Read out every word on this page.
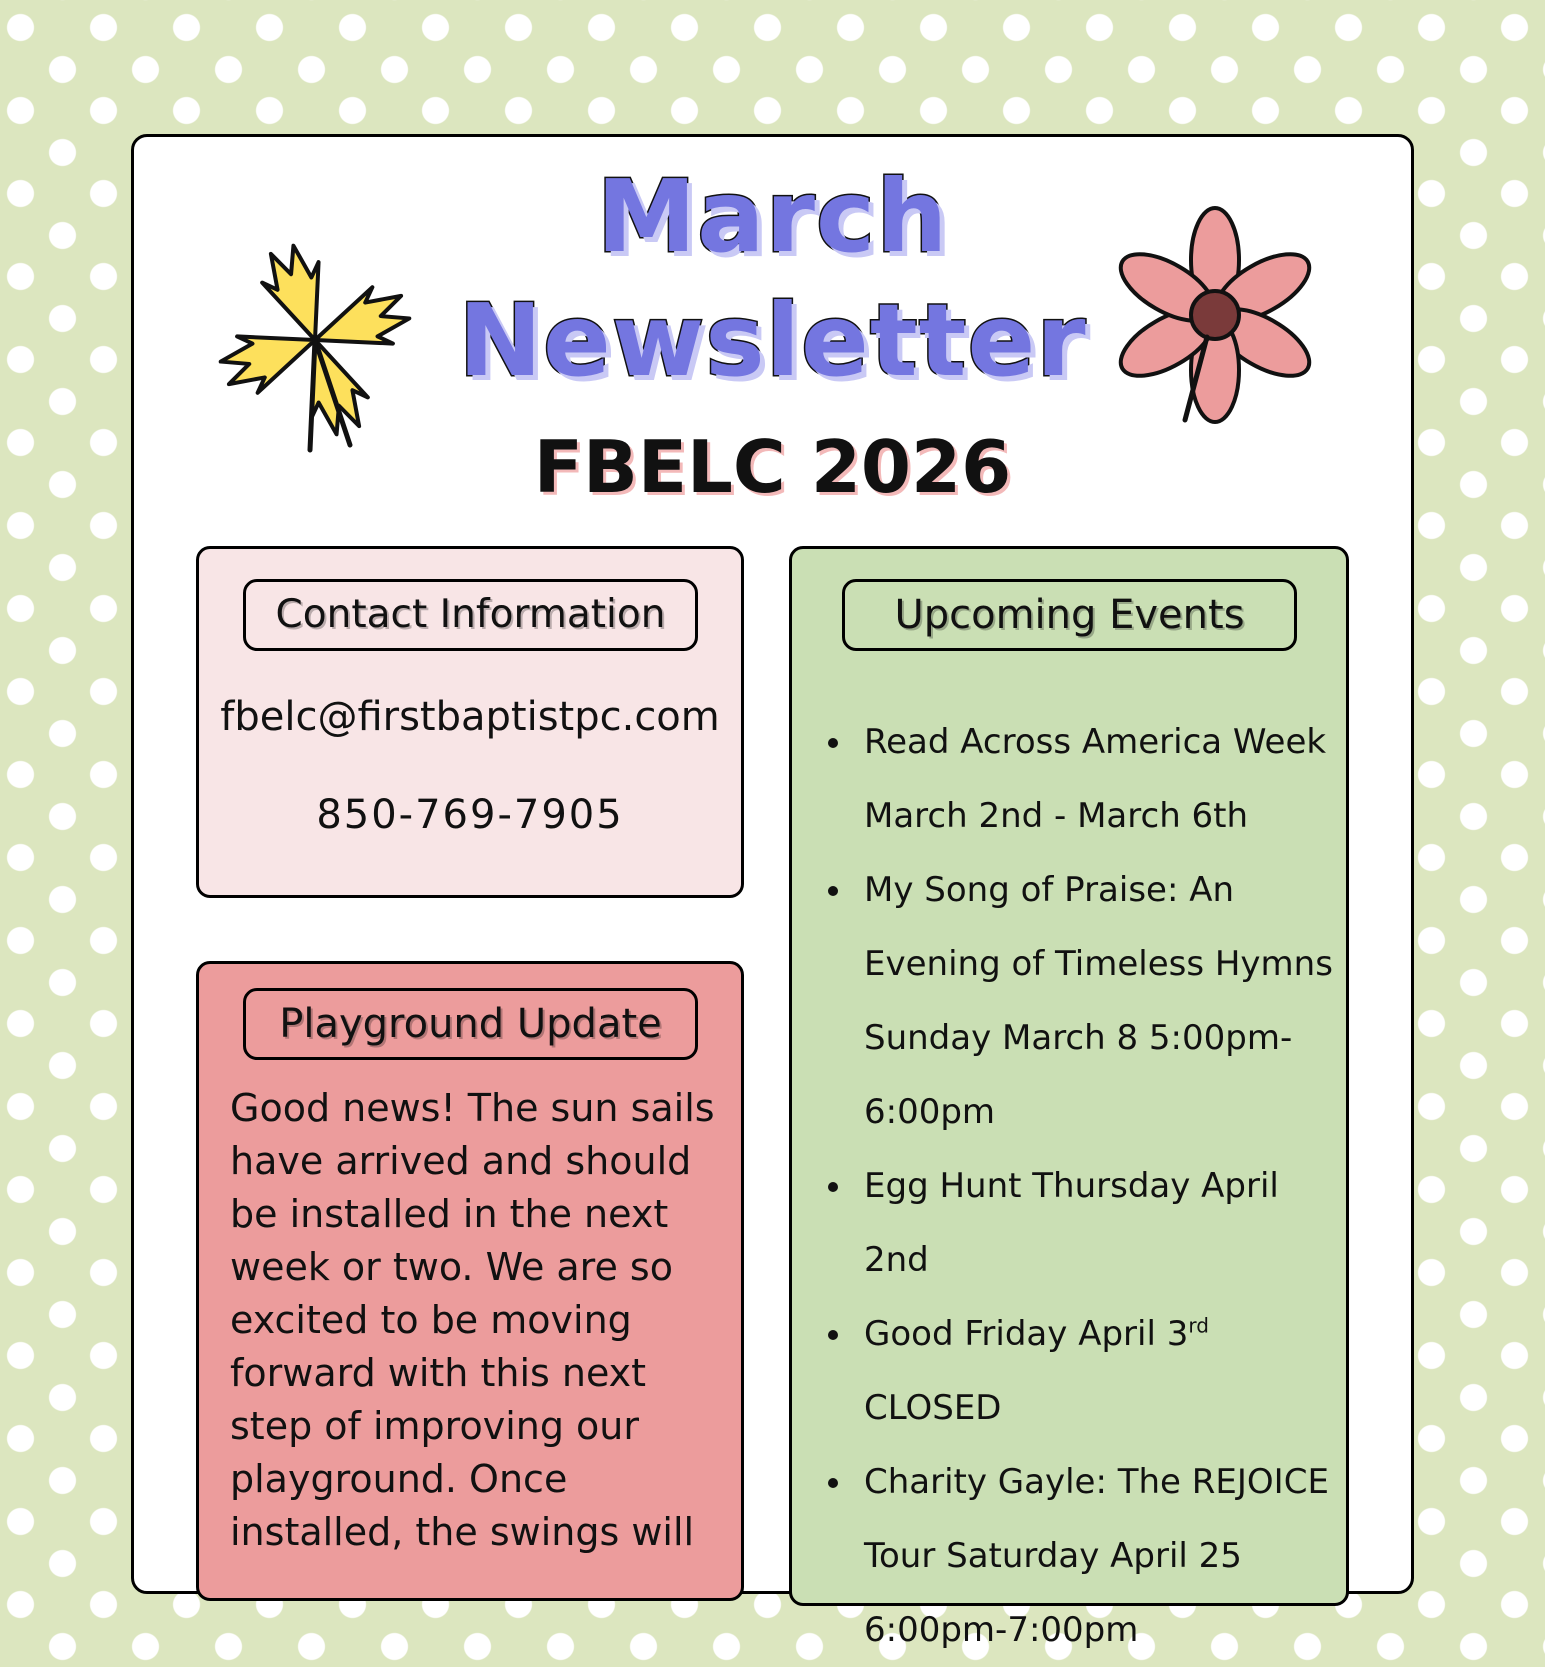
March
Newsletter
FBELC 2026
Contact Information
fbelc@firstbaptistpc.com
850-769-7905
Playground Update
Good news! The sun sails have arrived and should be installed in the next week or two. We are so excited to be moving forward with this next step of improving our playground. Once installed, the swings will
Upcoming Events
Read Across America Week March 2nd - March 6th
My Song of Praise: An Evening of Timeless Hymns Sunday March 8 5:00pm-6:00pm
Egg Hunt Thursday April 2nd
Good Friday April 3rd CLOSED
Charity Gayle: The REJOICE Tour Saturday April 25 6:00pm-7:00pm
